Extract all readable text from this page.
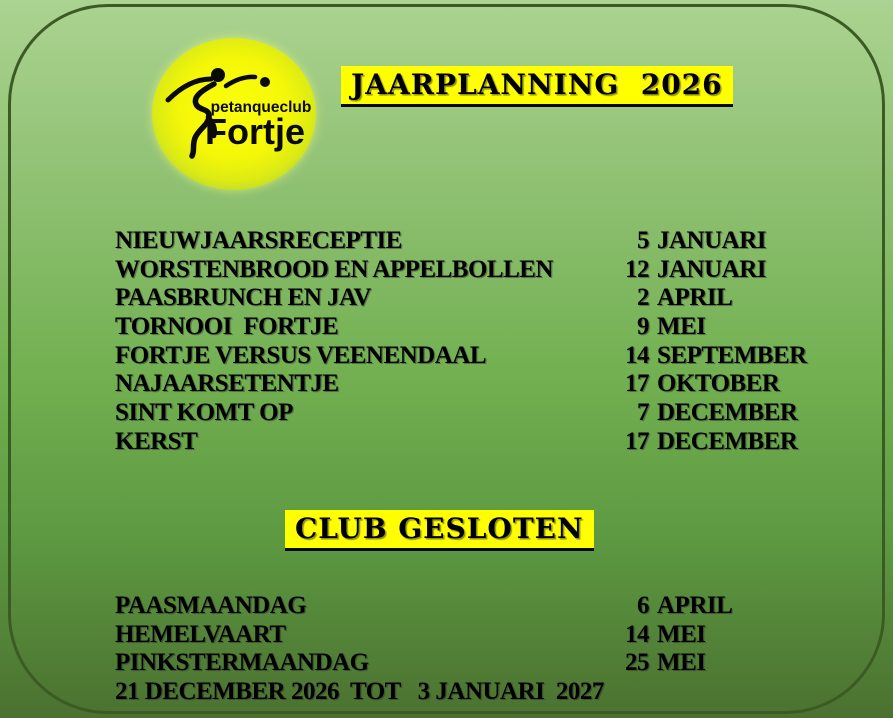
petanqueclub
Fortje
JAARPLANNING  2026
NIEUWJAARSRECEPTIE	5 JANUARI
WORSTENBROOD EN APPELBOLLEN	12 JANUARI
PAASBRUNCH EN JAV	2 APRIL
TORNOOI  FORTJE	9 MEI
FORTJE VERSUS VEENENDAAL	14 SEPTEMBER
NAJAARSETENTJE	17 OKTOBER
SINT KOMT OP	7 DECEMBER
KERST	17 DECEMBER
CLUB GESLOTEN
PAASMAANDAG	6 APRIL
HEMELVAART	14 MEI
PINKSTERMAANDAG	25 MEI
21 DECEMBER 2026  TOT   3 JANUARI  2027
